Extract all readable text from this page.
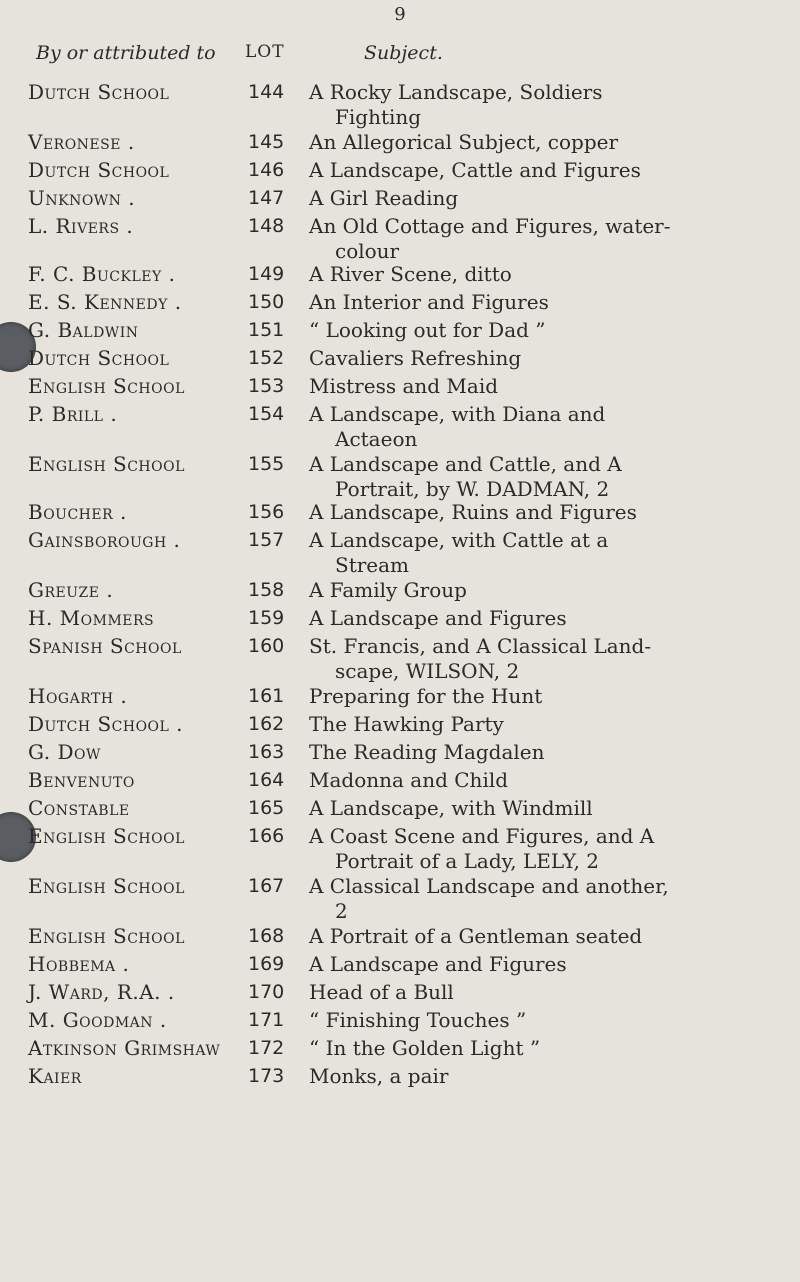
9
By or attributed to LOT	Subject.
Dutch School	144 A Rocky Landscape, Soldiers
Fighting
Veronese .	145 An Allegorical Subject, copper
Dutch School	146 A Landscape, Cattle and Figures
Unknown .	147 A Girl Reading
L. Rivers .	148 An Old Cottage and Figures, water-
colour
F. C. Buckley .	149 A River Scene, ditto
E. S. Kennedy .	150 An Interior and Figures
G. Baldwin	151 “ Looking out for Dad ”
Dutch School	152 Cavaliers Refreshing
English School	153 Mistress and Maid
P. Brill .	154 A Landscape, with Diana and
Actaeon
English School	155 A Landscape and Cattle, and A
Portrait, by W. DADMAN, 2
Boucher .	156 A Landscape, Ruins and Figures
Gainsborough .	157 A Landscape, with Cattle at a
Stream
Greuze .	158 A Family Group
H. Mommers	159 A Landscape and Figures
Spanish School	160 St. Francis, and A Classical Land-
scape, WILSON, 2
Hogarth .	161 Preparing for the Hunt
Dutch School .	162 The Hawking Party
G. Dow	163 The Reading Magdalen
Benvenuto	164 Madonna and Child
Constable	165 A Landscape, with Windmill
English School	166 A Coast Scene and Figures, and A
Portrait of a Lady, LELY, 2
English School	167 A Classical Landscape and another,
2
English School	168 A Portrait of a Gentleman seated
Hobbema .	169 A Landscape and Figures
J. Ward, R.A. .	170 Head of a Bull
M. Goodman .	171 “ Finishing Touches ”
Atkinson Grimshaw	172 “ In the Golden Light ”
Kaier	173 Monks, a pair
